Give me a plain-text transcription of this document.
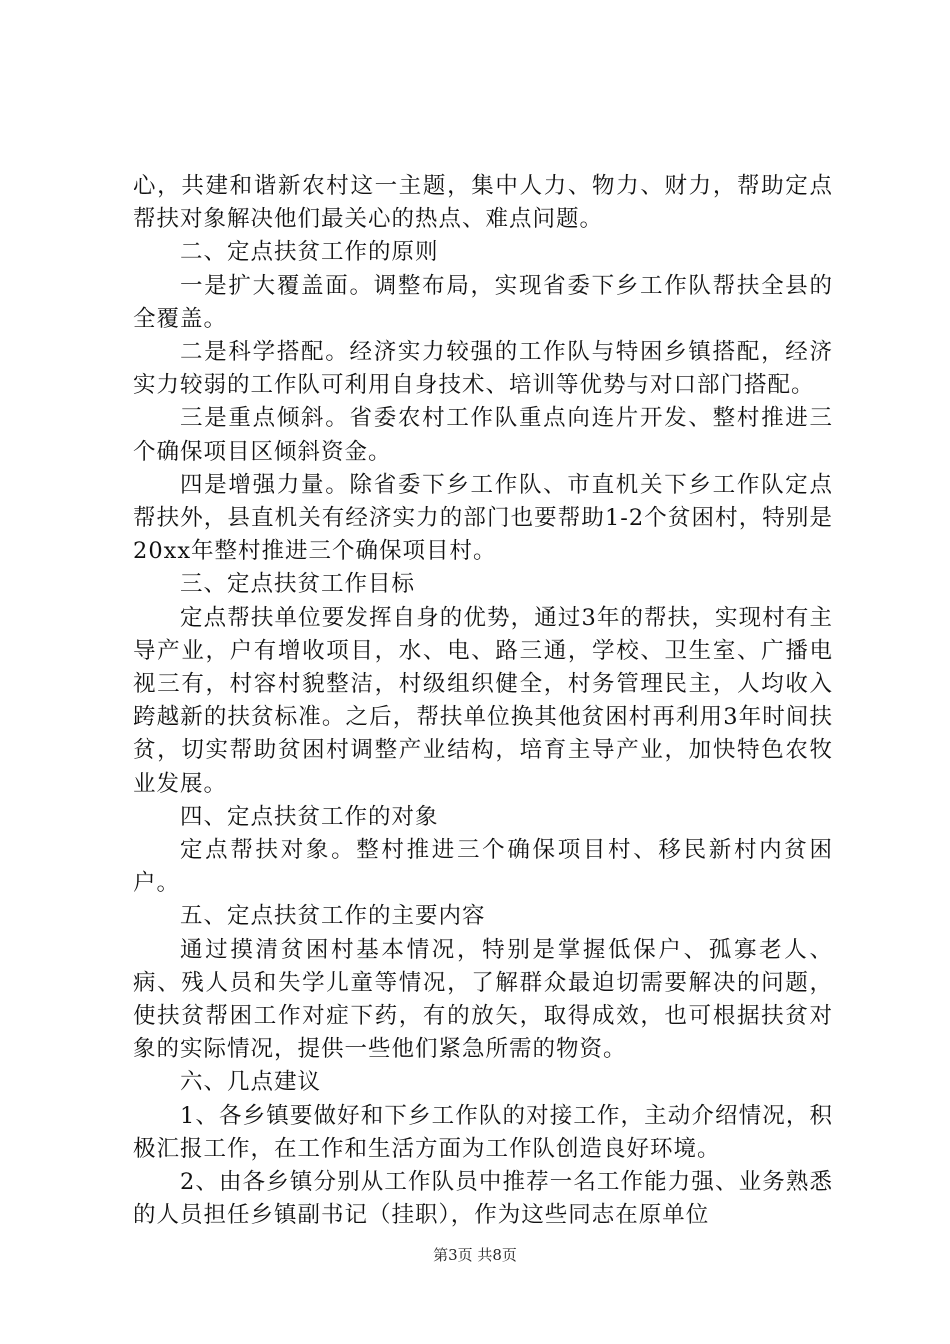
心，共建和谐新农村这一主题，集中人力、物力、财力，帮助定点帮扶对象解决他们最关心的热点、难点问题。

二、定点扶贫工作的原则

一是扩大覆盖面。调整布局，实现省委下乡工作队帮扶全县的全覆盖。

二是科学搭配。经济实力较强的工作队与特困乡镇搭配，经济实力较弱的工作队可利用自身技术、培训等优势与对口部门搭配。

三是重点倾斜。省委农村工作队重点向连片开发、整村推进三个确保项目区倾斜资金。

四是增强力量。除省委下乡工作队、市直机关下乡工作队定点帮扶外，县直机关有经济实力的部门也要帮助1-2个贫困村，特别是20xx年整村推进三个确保项目村。

三、定点扶贫工作目标

定点帮扶单位要发挥自身的优势，通过3年的帮扶，实现村有主导产业，户有增收项目，水、电、路三通，学校、卫生室、广播电视三有，村容村貌整洁，村级组织健全，村务管理民主，人均收入跨越新的扶贫标准。之后，帮扶单位换其他贫困村再利用3年时间扶贫，切实帮助贫困村调整产业结构，培育主导产业，加快特色农牧业发展。

四、定点扶贫工作的对象

定点帮扶对象。整村推进三个确保项目村、移民新村内贫困户。

五、定点扶贫工作的主要内容

通过摸清贫困村基本情况，特别是掌握低保户、孤寡老人、病、残人员和失学儿童等情况，了解群众最迫切需要解决的问题，使扶贫帮困工作对症下药，有的放矢，取得成效，也可根据扶贫对象的实际情况，提供一些他们紧急所需的物资。

六、几点建议

1、各乡镇要做好和下乡工作队的对接工作，主动介绍情况，积极汇报工作，在工作和生活方面为工作队创造良好环境。

2、由各乡镇分别从工作队员中推荐一名工作能力强、业务熟悉的人员担任乡镇副书记（挂职），作为这些同志在原单位

第3页 共8页
